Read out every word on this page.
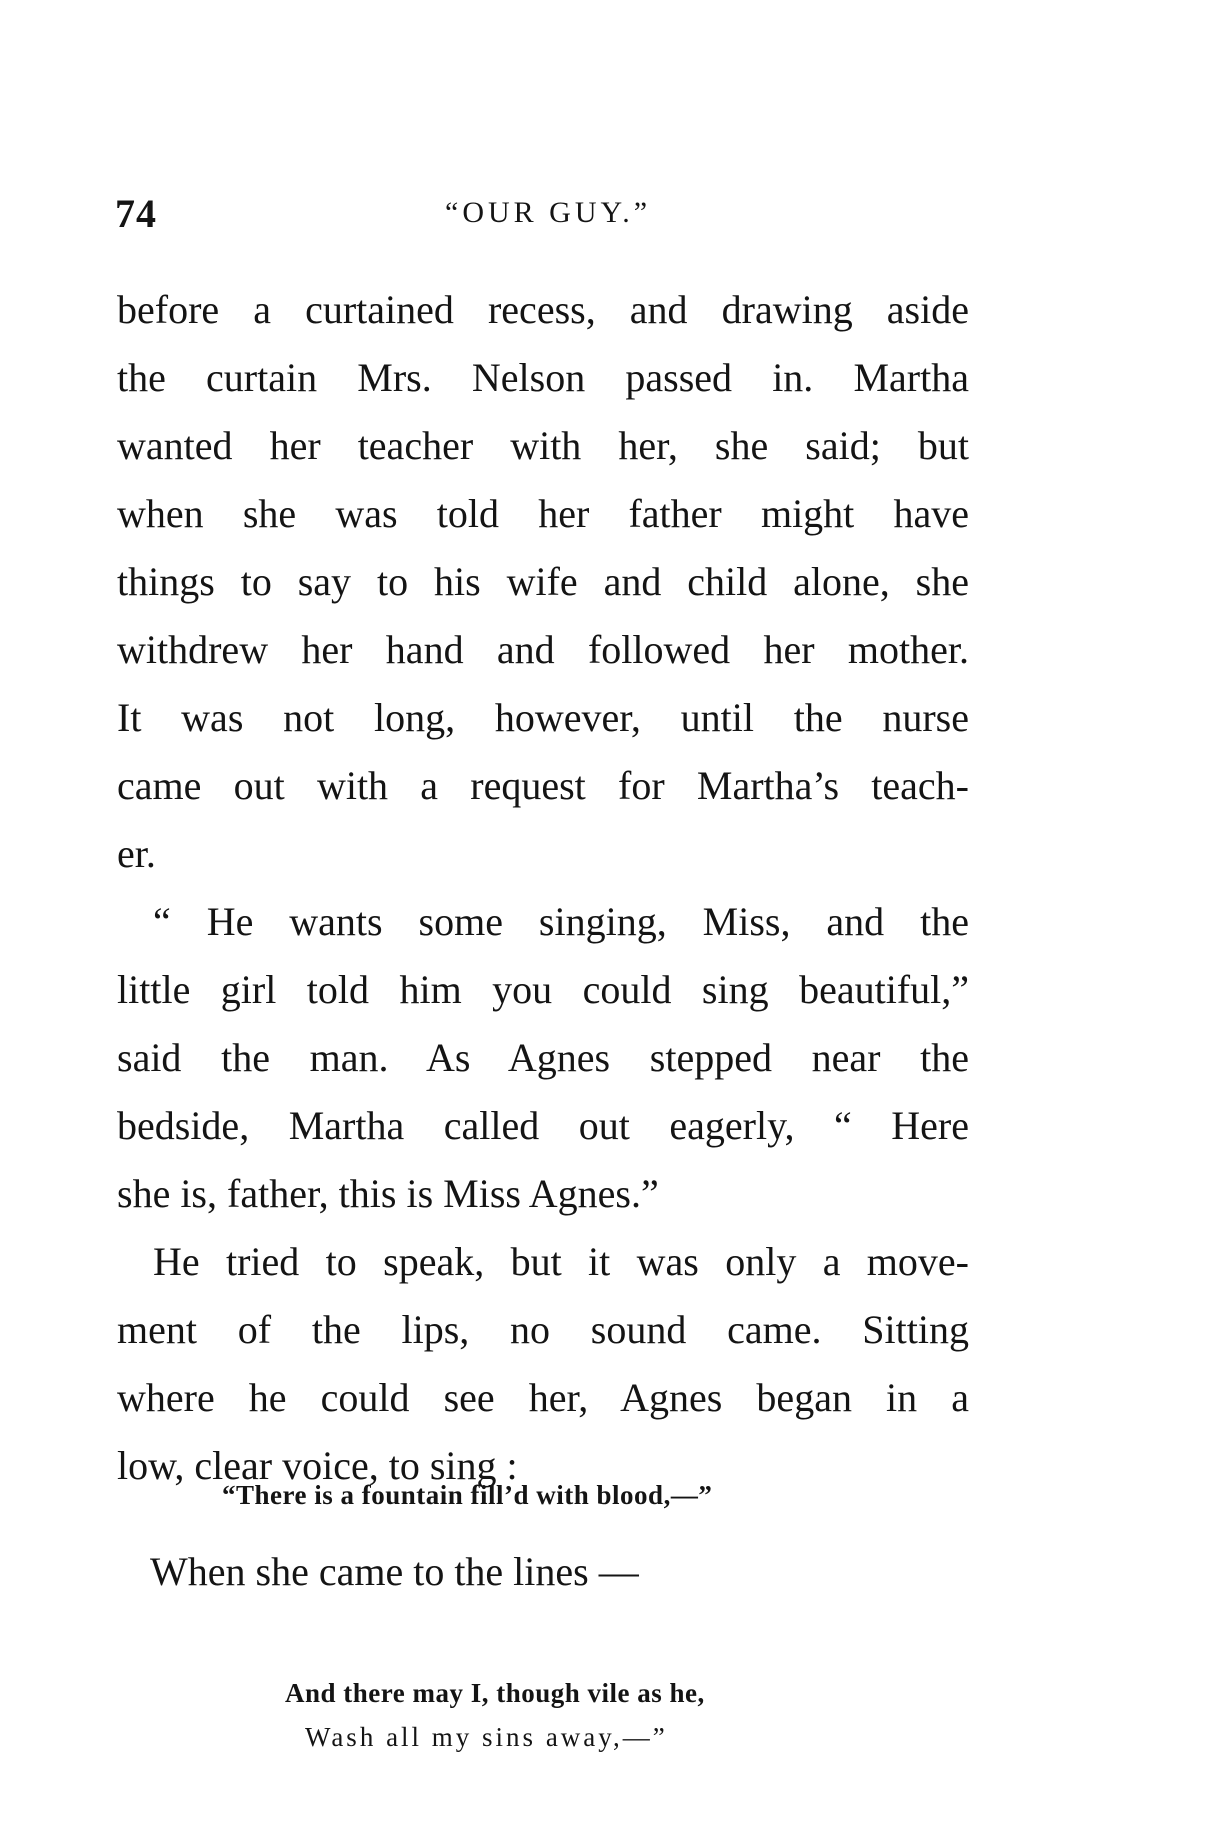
74	“OUR GUY.”
before a curtained recess, and drawing aside
the curtain Mrs. Nelson passed in. Martha
wanted her teacher with her, she said; but
when she was told her father might have
things to say to his wife and child alone, she
withdrew her hand and followed her mother.
It was not long, however, until the nurse
came out with a request for Martha’s teach-
er.
“ He wants some singing, Miss, and the
little girl told him you could sing beautiful,”
said the man. As Agnes stepped near the
bedside, Martha called out eagerly, “ Here
she is, father, this is Miss Agnes.”
He tried to speak, but it was only a move-
ment of the lips, no sound came. Sitting
where he could see her, Agnes began in a
low, clear voice, to sing :
“There is a fountain fill’d with blood,—”
When she came to the lines —
And there may I, though vile as he,
Wash all my sins away,—”
